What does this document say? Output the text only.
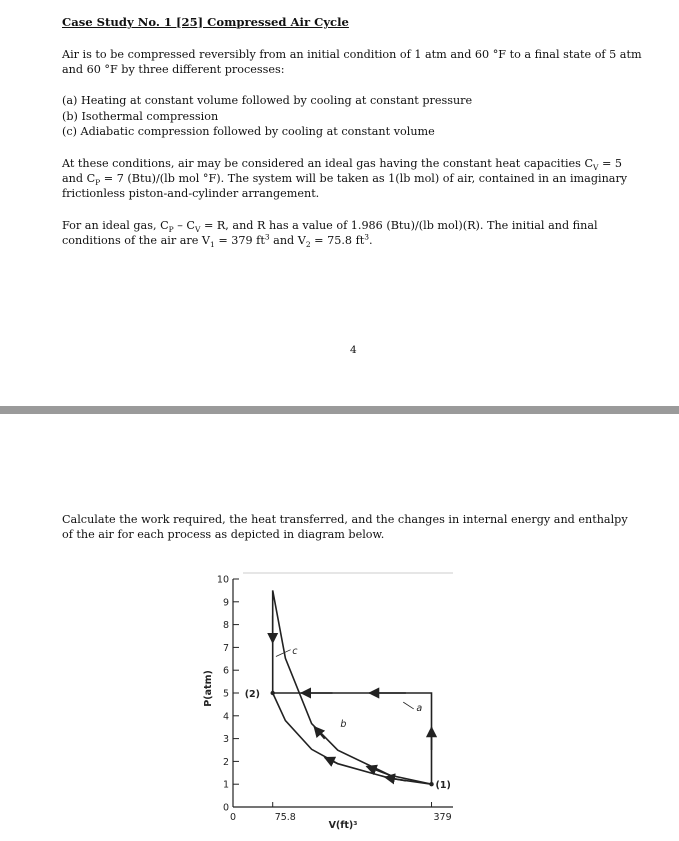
Case Study No. 1 [25] Compressed Air Cycle

Air is to be compressed reversibly from an initial condition of 1 atm and 60 °F to a final state of 5 atm and 60 °F by three different processes:

(a) Heating at constant volume followed by cooling at constant pressure
(b) Isothermal compression
(c) Adiabatic compression followed by cooling at constant volume

At these conditions, air may be considered an ideal gas having the constant heat capacities $C_V = 5$ and $C_P = 7$ (Btu)/(lb mol °F). The system will be taken as 1(lb mol) of air, contained in an imaginary frictionless piston-and-cylinder arrangement.

For an ideal gas, $C_P - C_V = R$, and R has a value of 1.986 (Btu)/(lb mol)(R). The initial and final conditions of the air are $V_1 = 379$ $ft^3$ and $V_2 = 75.8$ $ft^3$.

4

Calculate the work required, the heat transferred, and the changes in internal energy and enthalpy of the air for each process as depicted in diagram below.

0
1
2
3
4
5
6
7
8
9
10
0	75.8	379
V(ft)³
P(atm)
(1)
(2)
a
b
c
